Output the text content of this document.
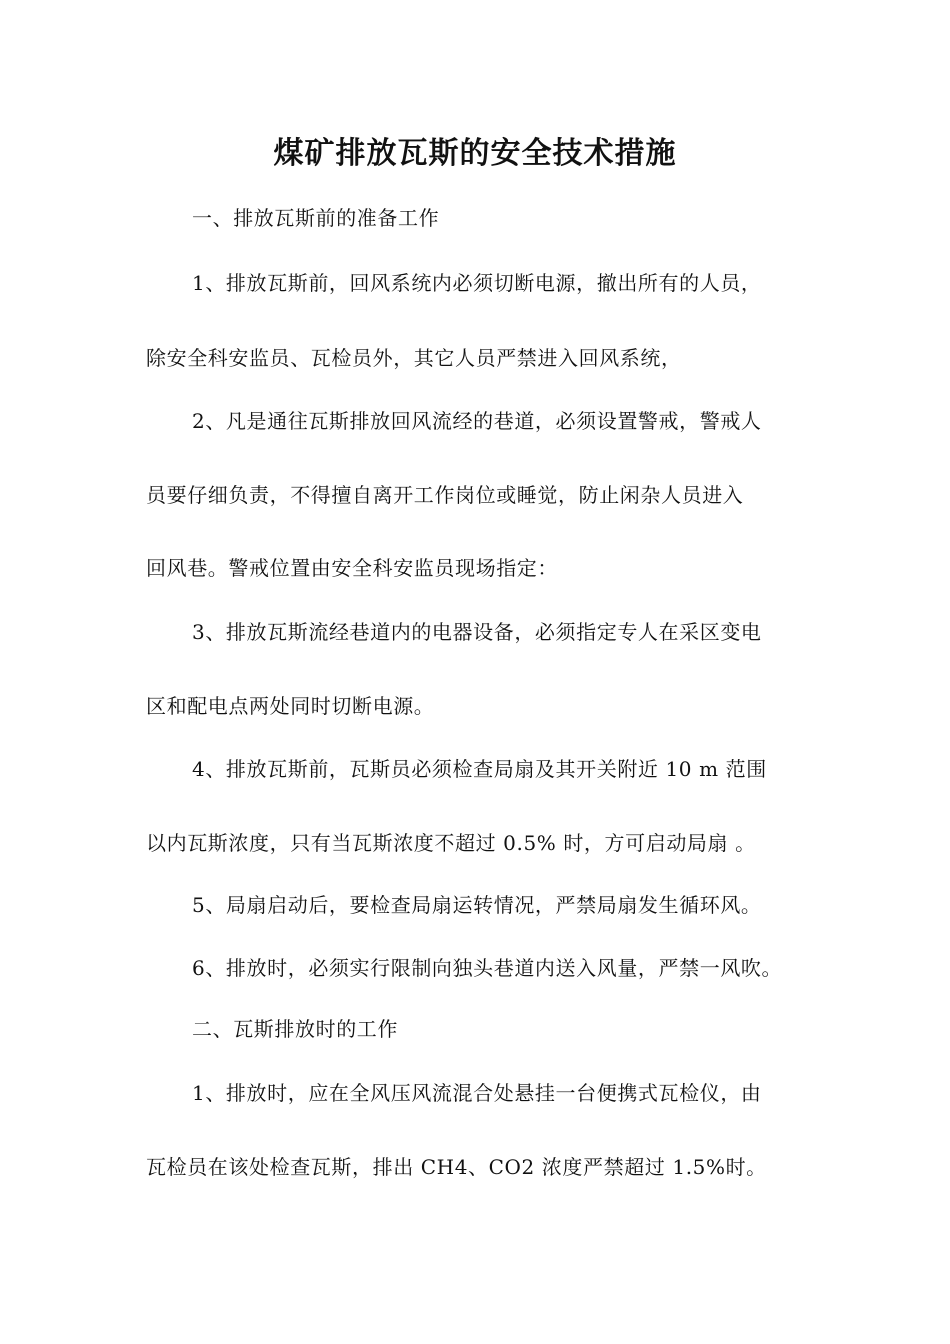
煤矿排放瓦斯的安全技术措施
一、排放瓦斯前的准备工作
1、排放瓦斯前，回风系统内必须切断电源，撤出所有的人员，
除安全科安监员、瓦检员外，其它人员严禁进入回风系统，
2、凡是通往瓦斯排放回风流经的巷道，必须设置警戒，警戒人
员要仔细负责，不得擅自离开工作岗位或睡觉，防止闲杂人员进入
回风巷。警戒位置由安全科安监员现场指定：
3、排放瓦斯流经巷道内的电器设备，必须指定专人在采区变电
区和配电点两处同时切断电源。
4、排放瓦斯前，瓦斯员必须检查局扇及其开关附近 10 m 范围
以内瓦斯浓度，只有当瓦斯浓度不超过 0.5% 时，方可启动局扇 。
5、局扇启动后，要检查局扇运转情况，严禁局扇发生循环风。
6、排放时，必须实行限制向独头巷道内送入风量，严禁一风吹。
二、瓦斯排放时的工作
1、排放时，应在全风压风流混合处悬挂一台便携式瓦检仪，由
瓦检员在该处检查瓦斯，排出 CH4、CO2 浓度严禁超过 1.5%时。
